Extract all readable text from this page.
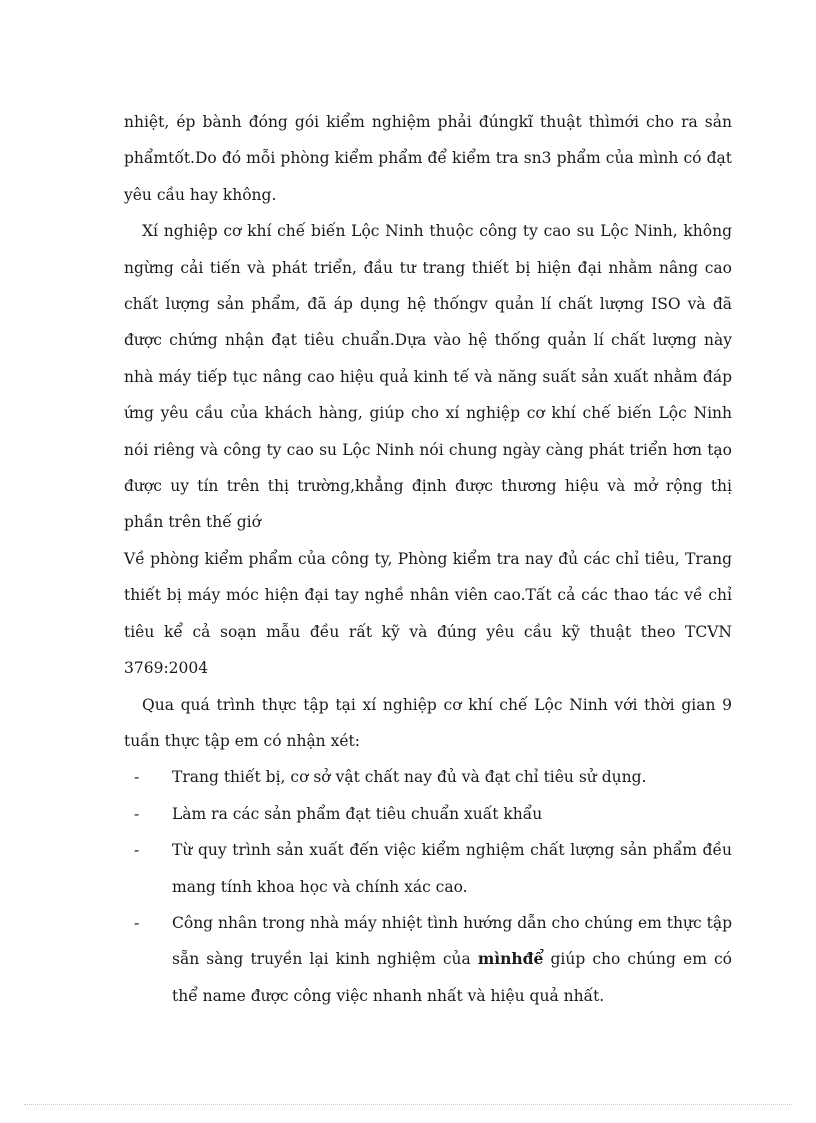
nhiệt, ép bành đóng gói kiểm nghiệm phải đúngkĩ thuật thìmới cho ra sản phẩmtốt.Do đó mỗi phòng kiểm phẩm để kiểm tra sn3 phẩm của mình có đạt yêu cầu hay không.

Xí nghiệp cơ khí chế biến Lộc Ninh thuộc công ty cao su Lộc Ninh, không ngừng cải tiến và phát triển, đầu tư trang thiết bị hiện đại nhằm nâng cao chất lượng sản phẩm, đã áp dụng hệ thốngv quản lí chất lượng ISO và đã được chứng nhận đạt tiêu chuẩn.Dựa vào hệ thống quản lí chất lượng này nhà máy tiếp tục nâng cao hiệu quả kinh tế và năng suất sản xuất nhằm đáp ứng yêu cầu của khách hàng, giúp cho xí nghiệp cơ khí chế biến Lộc Ninh nói riêng và công ty cao su Lộc Ninh nói chung ngày càng phát triển hơn tạo được uy tín trên thị trường,khẳng định được thương hiệu và mở rộng thị phần trên thế giớ

Về phòng kiểm phẩm của công ty, Phòng kiểm tra nay đủ các chỉ tiêu, Trang thiết bị máy móc hiện đại tay nghề nhân viên cao.Tất cả các thao tác về chỉ tiêu kể cả soạn mẫu đều rất kỹ và đúng yêu cầu kỹ thuật theo TCVN 3769:2004

Qua quá trình thực tập tại xí nghiệp cơ khí chế Lộc Ninh với thời gian 9 tuần thực tập em có nhận xét:

- Trang thiết bị, cơ sở vật chất nay đủ và đạt chỉ tiêu sử dụng.

- Làm ra các sản phẩm đạt tiêu chuẩn xuất khẩu

- Từ quy trình sản xuất đến việc kiểm nghiệm chất lượng sản phẩm đều mang tính khoa học và chính xác cao.

- Công nhân trong nhà máy nhiệt tình hướng dẫn cho chúng em thực tập sẵn sàng truyền lại kinh nghiệm của mìnhđể giúp cho chúng em có thể name được công việc nhanh nhất và hiệu quả nhất.
